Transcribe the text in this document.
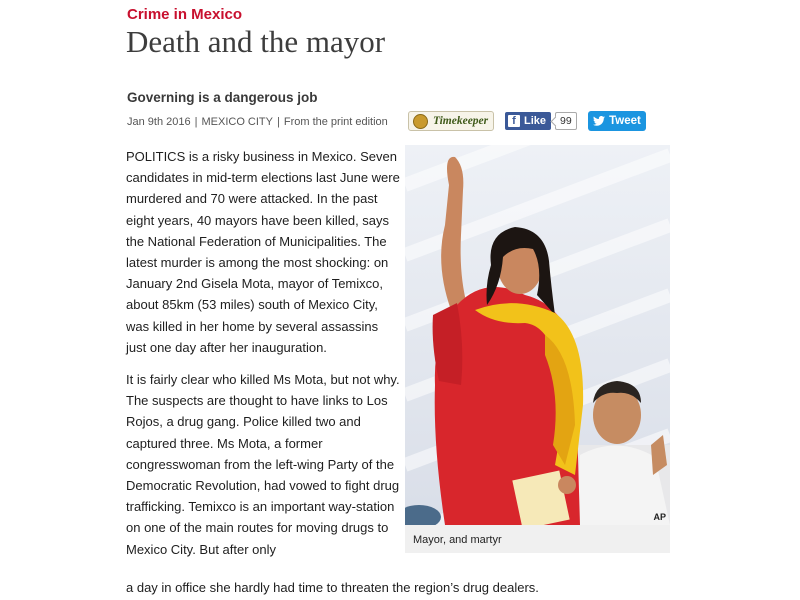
Crime in Mexico
Death and the mayor
Governing is a dangerous job
Jan 9th 2016 | MEXICO CITY | From the print edition	Timekeeper	f Like	99	Tweet

POLITICS is a risky business in Mexico. Seven candidates in mid-term elections last June were murdered and 70 were attacked. In the past eight years, 40 mayors have been killed, says the National Federation of Municipalities. The latest murder is among the most shocking: on January 2nd Gisela Mota, mayor of Temixco, about 85km (53 miles) south of Mexico City, was killed in her home by several assassins just one day after her inauguration.

It is fairly clear who killed Ms Mota, but not why. The suspects are thought to have links to Los Rojos, a drug gang. Police killed two and captured three. Ms Mota, a former congresswoman from the left-wing Party of the Democratic Revolution, had vowed to fight drug trafficking. Temixco is an important way-station on one of the main routes for moving drugs to Mexico City. But after only

a day in office she hardly had time to threaten the region’s drug dealers.
AP
Mayor, and martyr
